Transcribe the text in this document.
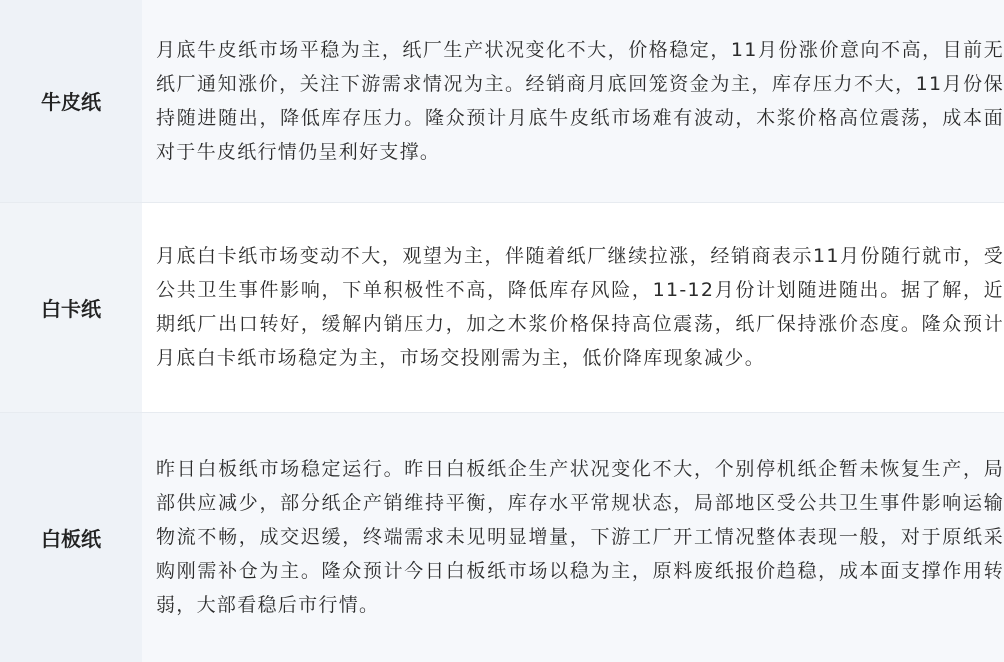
牛皮纸	月底牛皮纸市场平稳为主，纸厂生产状况变化不大，价格稳定，11月份涨价意向不高，目前无纸厂通知涨价，关注下游需求情况为主。经销商月底回笼资金为主，库存压力不大，11月份保持随进随出，降低库存压力。隆众预计月底牛皮纸市场难有波动，木浆价格高位震荡，成本面对于牛皮纸行情仍呈利好支撑。

白卡纸	月底白卡纸市场变动不大，观望为主，伴随着纸厂继续拉涨，经销商表示11月份随行就市，受公共卫生事件影响，下单积极性不高，降低库存风险，11-12月份计划随进随出。据了解，近期纸厂出口转好，缓解内销压力，加之木浆价格保持高位震荡，纸厂保持涨价态度。隆众预计月底白卡纸市场稳定为主，市场交投刚需为主，低价降库现象减少。

白板纸	昨日白板纸市场稳定运行。昨日白板纸企生产状况变化不大，个别停机纸企暂未恢复生产，局部供应减少，部分纸企产销维持平衡，库存水平常规状态，局部地区受公共卫生事件影响运输物流不畅，成交迟缓，终端需求未见明显增量，下游工厂开工情况整体表现一般，对于原纸采购刚需补仓为主。隆众预计今日白板纸市场以稳为主，原料废纸报价趋稳，成本面支撑作用转弱，大部看稳后市行情。
